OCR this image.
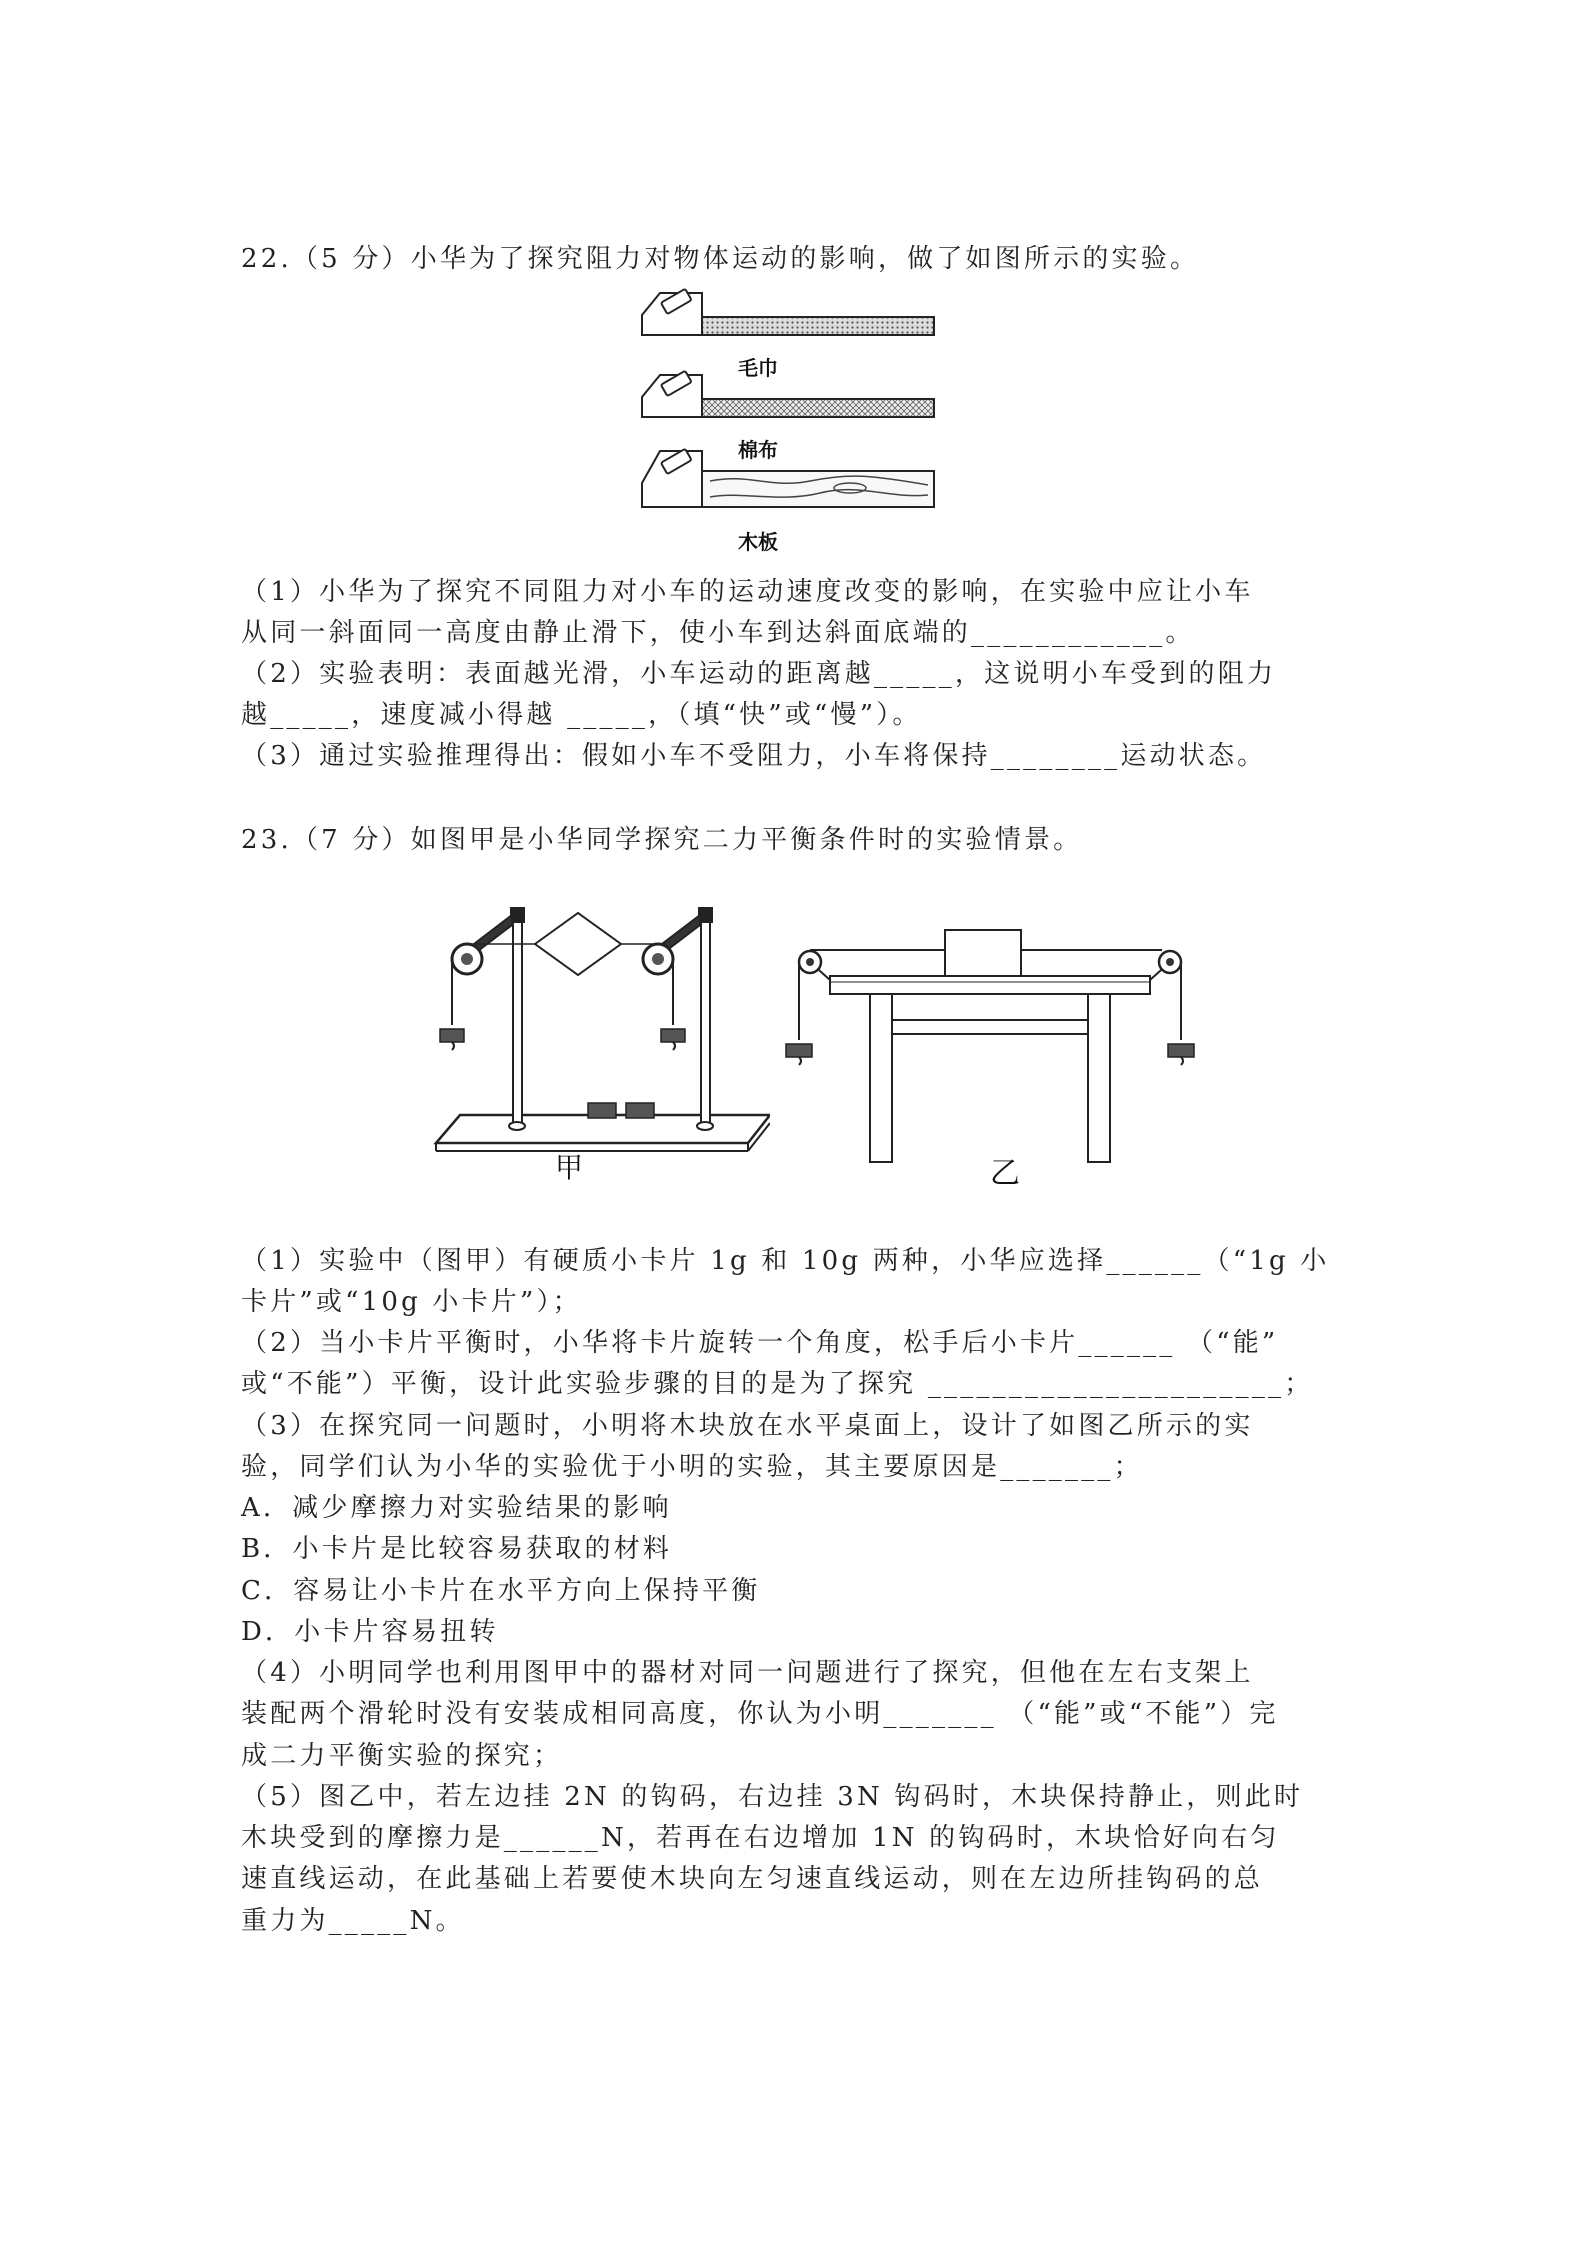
22.（5 分）小华为了探究阻力对物体运动的影响，做了如图所示的实验。
毛巾
棉布
木板
（1）小华为了探究不同阻力对小车的运动速度改变的影响，在实验中应让小车
从同一斜面同一高度由静止滑下，使小车到达斜面底端的____________。
（2）实验表明：表面越光滑，小车运动的距离越_____，这说明小车受到的阻力
越_____，速度减小得越 _____，（填“快”或“慢”）。
（3）通过实验推理得出：假如小车不受阻力，小车将保持________运动状态。
23.（7 分）如图甲是小华同学探究二力平衡条件时的实验情景。
甲	乙
（1）实验中（图甲）有硬质小卡片 1g 和 10g 两种，小华应选择______（“1g 小
卡片”或“10g 小卡片”）；
（2）当小卡片平衡时，小华将卡片旋转一个角度，松手后小卡片______ （“能”
或“不能”）平衡，设计此实验步骤的目的是为了探究 ______________________；
（3）在探究同一问题时，小明将木块放在水平桌面上，设计了如图乙所示的实
验，同学们认为小华的实验优于小明的实验，其主要原因是_______；
A．减少摩擦力对实验结果的影响
B．小卡片是比较容易获取的材料
C．容易让小卡片在水平方向上保持平衡
D．小卡片容易扭转
（4）小明同学也利用图甲中的器材对同一问题进行了探究，但他在左右支架上
装配两个滑轮时没有安装成相同高度，你认为小明_______ （“能”或“不能”）完
成二力平衡实验的探究；
（5）图乙中，若左边挂 2N 的钩码，右边挂 3N 钩码时，木块保持静止，则此时
木块受到的摩擦力是______N，若再在右边增加 1N 的钩码时，木块恰好向右匀
速直线运动，在此基础上若要使木块向左匀速直线运动，则在左边所挂钩码的总
重力为_____N。
